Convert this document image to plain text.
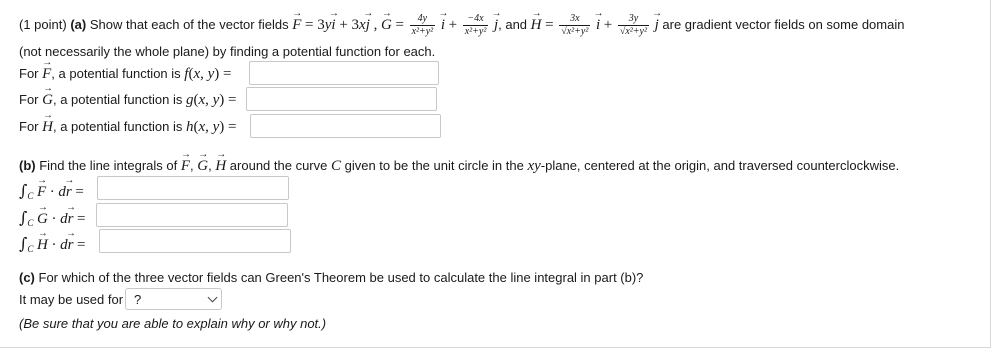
(1 point) (a) Show that each of the vector fields → F = 3y→ i + 3x→ j , → $G = \frac{4y}{\text{x²+y²}}$
→ $i + \frac{-4x}{\text{x²+y²}}$
→ j, and → $H = \frac{3x}{\text{√x²+y²}}$
→ $i + \frac{3y}{\text{√x²+y²}}$
→ j are gradient vector fields on some domain
(not necessarily the whole plane) by finding a potential function for each.
For → F, a potential function is f(x, y) =
For → G, a potential function is g(x, y) =
For → H, a potential function is h(x, y) =
(b) Find the line integrals of → F, → G, → H around the curve C given to be the unit circle in the xy-plane, centered at the origin, and traversed counterclockwise.
$\int_C \to F \cdot d\to r$ =
$\int_C \to G \cdot d\to r$ =
$\int_C \to H \cdot d\to r$ =
(c) For which of the three vector fields can Green's Theorem be used to calculate the line integral in part (b)?
It may be used for ?
(Be sure that you are able to explain why or why not.)
